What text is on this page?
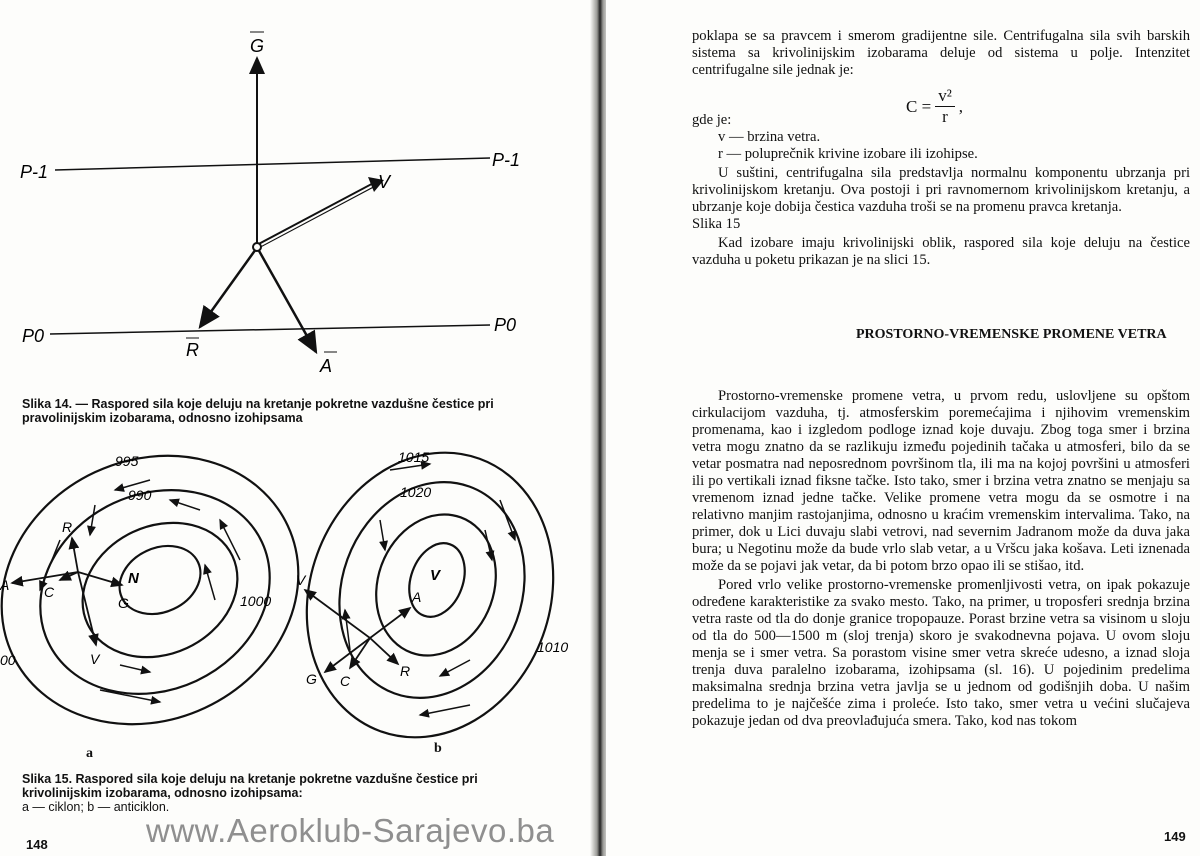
G
V
R
A
P-1
P-1
P0
P0
Slika 14. — Raspored sila koje deluju na kretanje pokretne vazdušne čestice pri pravolinijskim izobarama, odnosno izohipsama
995
990
1000
00
N
R
A C
G
V
1015
1020
1010
V
V
A
G C
R
a	b
Slika 15. Raspored sila koje deluju na kretanje pokretne vazdušne čestice pri krivolinijskim izobarama, odnosno izohipsama:
a — ciklon; b — anticiklon.
148

poklapa se sa pravcem i smerom gradijentne sile. Centrifugalna sila svih barskih sistema sa krivolinijskim izobarama deluje od sistema u polje. Intenzitet centrifugalne sile jednak je:

$C = \frac{\text{v²}}{r}$ ,

gde je:

v — brzina vetra.

r — poluprečnik krivine izobare ili izohipse.

U suštini, centrifugalna sila predstavlja normalnu komponentu ubrzanja pri krivolinijskom kretanju. Ova postoji i pri ravnomernom krivolinijskom kretanju, a ubrzanje koje dobija čestica vazduha troši se na promenu pravca kretanja.

Slika 15

Kad izobare imaju krivolinijski oblik, raspored sila koje deluju na čestice vazduha u poketu prikazan je na slici 15.

PROSTORNO-VREMENSKE PROMENE VETRA

Prostorno-vremenske promene vetra, u prvom redu, uslovljene su opštom cirkulacijom vazduha, tj. atmosferskim poremećajima i njihovim vremenskim promenama, kao i izgledom podloge iznad koje duvaju. Zbog toga smer i brzina vetra mogu znatno da se razlikuju između pojedinih tačaka u atmosferi, bilo da se vetar posmatra nad neposrednom površinom tla, ili ma na kojoj površini u atmosferi ili po vertikali iznad fiksne tačke. Isto tako, smer i brzina vetra znatno se menjaju sa vremenom iznad jedne tačke. Velike promene vetra mogu da se osmotre i na relativno manjim rastojanjima, odnosno u kraćim vremenskim intervalima. Tako, na primer, dok u Lici duvaju slabi vetrovi, nad severnim Jadranom može da duva jaka bura; u Negotinu može da bude vrlo slab vetar, a u Vršcu jaka košava. Leti iznenada može da se pojavi jak vetar, da bi potom brzo opao ili se stišao, itd.

Pored vrlo velike prostorno-vremenske promenljivosti vetra, on ipak pokazuje određene karakteristike za svako mesto. Tako, na primer, u troposferi srednja brzina vetra raste od tla do donje granice tropopauze. Porast brzine vetra sa visinom u sloju od tla do 500—1500 m (sloj trenja) skoro je svakodnevna pojava. U ovom sloju menja se i smer vetra. Sa porastom visine smer vetra skreće udesno, a iznad sloja trenja duva paralelno izobarama, izohipsama (sl. 16). U pojedinim predelima maksimalna srednja brzina vetra javlja se u jednom od godišnjih doba. U našim predelima to je najčešće zima i proleće. Isto tako, smer vetra u većini slučajeva pokazuje jedan od dva preovlađujuća smera. Tako, kod nas tokom

149
www.Aeroklub-Sarajevo.ba
